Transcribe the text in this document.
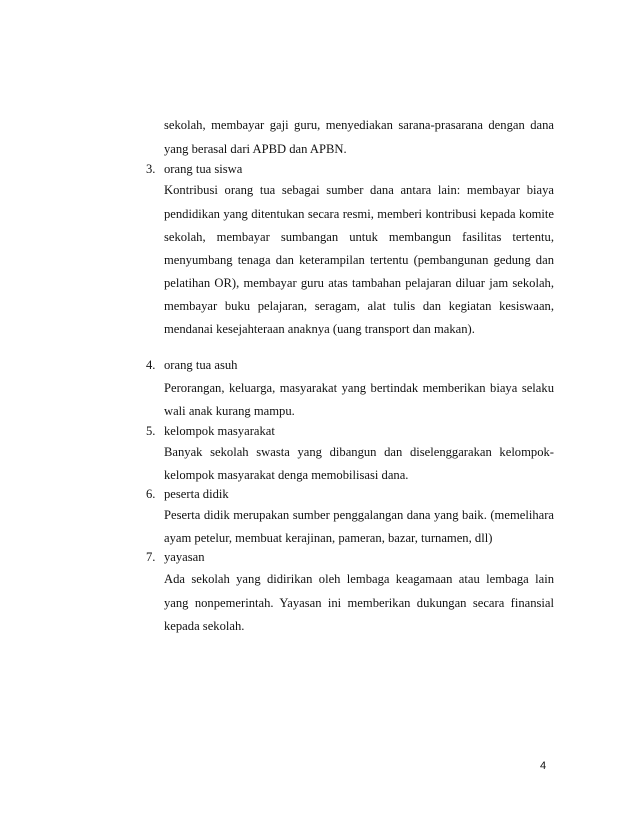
sekolah, membayar gaji guru, menyediakan sarana-prasarana dengan dana
yang berasal dari APBD dan APBN.
3. orang tua siswa
Kontribusi orang tua sebagai sumber dana antara lain: membayar biaya
pendidikan yang ditentukan secara resmi, memberi kontribusi kepada komite
sekolah, membayar sumbangan untuk membangun fasilitas tertentu,
menyumbang tenaga dan keterampilan tertentu (pembangunan gedung dan
pelatihan OR), membayar guru atas tambahan pelajaran diluar jam sekolah,
membayar buku pelajaran, seragam, alat tulis dan kegiatan kesiswaan,
mendanai kesejahteraan anaknya (uang transport dan makan).
4. orang tua asuh
Perorangan, keluarga, masyarakat yang bertindak memberikan biaya selaku
wali anak kurang mampu.
5. kelompok masyarakat
Banyak sekolah swasta yang dibangun dan diselenggarakan kelompok-
kelompok masyarakat denga memobilisasi dana.
6. peserta didik
Peserta didik merupakan sumber penggalangan dana yang baik. (memelihara
ayam petelur, membuat kerajinan, pameran, bazar, turnamen, dll)
7. yayasan
Ada sekolah yang didirikan oleh lembaga keagamaan atau lembaga lain
yang nonpemerintah. Yayasan ini memberikan dukungan secara finansial
kepada sekolah.
4
